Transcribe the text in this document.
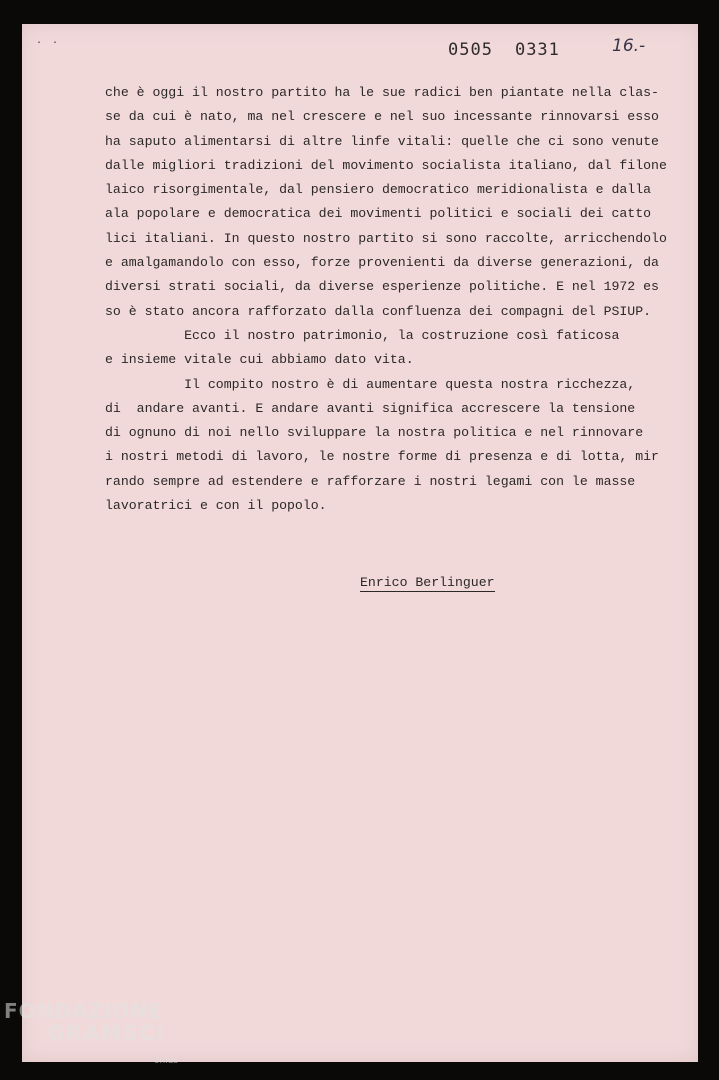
· ·	0505 0331	16.-
che è oggi il nostro partito ha le sue radici ben piantate nella clas-
se da cui è nato, ma nel crescere e nel suo incessante rinnovarsi esso
ha saputo alimentarsi di altre linfe vitali: quelle che ci sono venute
dalle migliori tradizioni del movimento socialista italiano, dal filone
laico risorgimentale, dal pensiero democratico meridionalista e dalla
ala popolare e democratica dei movimenti politici e sociali dei catto
lici italiani. In questo nostro partito si sono raccolte, arricchendolo
e amalgamandolo con esso, forze provenienti da diverse generazioni, da
diversi strati sociali, da diverse esperienze politiche. E nel 1972 es
so è stato ancora rafforzato dalla confluenza dei compagni del PSIUP.
Ecco il nostro patrimonio, la costruzione così faticosa
e insieme vitale cui abbiamo dato vita.
Il compito nostro è di aumentare questa nostra ricchezza,
di  andare avanti. E andare avanti significa accrescere la tensione
di ognuno di noi nello sviluppare la nostra politica e nel rinnovare
i nostri metodi di lavoro, le nostre forme di presenza e di lotta, mir
rando sempre ad estendere e rafforzare i nostri legami con le masse
lavoratrici e con il popolo.
Enrico Berlinguer
FONDAZIONE
GRAMSCI
onlus
